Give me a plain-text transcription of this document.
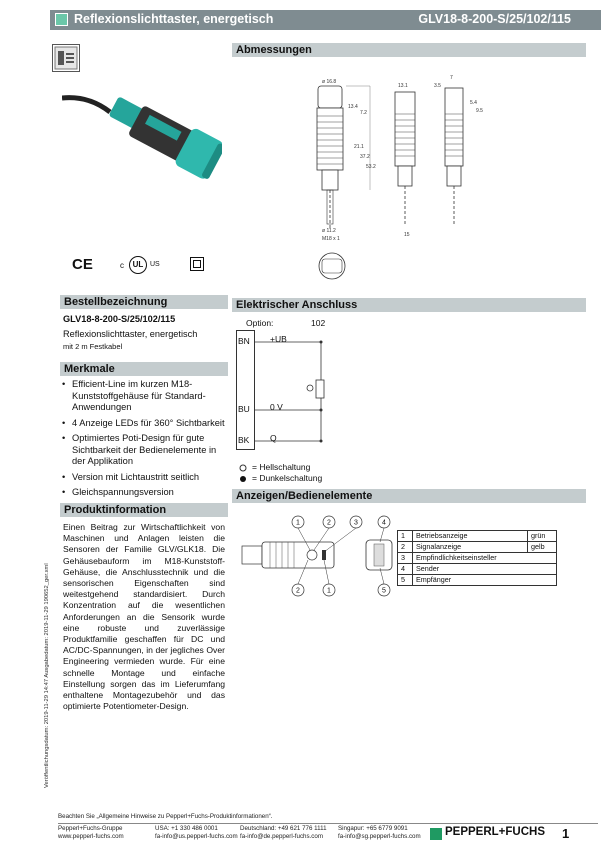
Reflexionslichttaster, energetisch	GLV18-8-200-S/25/102/115
CE	c	UL US
Bestellbezeichnung
GLV18-8-200-S/25/102/115
Reflexionslichttaster, energetisch
mit 2 m Festkabel
Merkmale
• Efficient-Line im kurzen M18-Kunststoffgehäuse für Standard-Anwendungen
• 4 Anzeige LEDs für 360° Sichtbarkeit
• Optimiertes Poti-Design für gute Sichtbarkeit der Bedienelemente in der Applikation
• Version mit Lichtaustritt seitlich
• Gleichspannungsversion
Produktinformation
Einen Beitrag zur Wirtschaftlichkeit von Maschinen und Anlagen leisten die Sensoren der Familie GLV/GLK18. Die Gehäusebauform im M18-Kunststoff-Gehäuse, die Anschlusstechnik und die sensorischen Eigenschaften sind weitestgehend standardisiert. Durch Konzentration auf die wesentlichen Anforderungen an die Sensorik wurde eine robuste und zuverlässige Produktfamilie geschaffen für DC und AC/DC-Spannungen, in der jegliches Over Engineering vermieden wurde. Für eine schnelle Montage und einfache Einstellung sorgen das im Lieferumfang enthaltene Montagezubehör und das optimierte Potentiometer-Design.
Veröffentlichungsdatum: 2019-11-29 14:47 Ausgabedatum: 2019-11-29 190652_ger.xml
Abmessungen
ø 16.8
13.4
7.2
21.1
37.2
53.2
ø 11.2
M18 x 1
13.1
15
3.5
7
5.4
9.5
Elektrischer Anschluss
Option:	102
BN
BU
BK
+UB
0 V
Q
= Hellschaltung
= Dunkelschaltung
Anzeigen/Bedienelemente
1	2	3	4
2	1	5
1	Betriebsanzeige	grün
2	Signalanzeige	gelb
3	Empfindlichkeitseinsteller	
4	Sender	
5	Empfänger	
Beachten Sie „Allgemeine Hinweise zu Pepperl+Fuchs-Produktinformationen“.
Pepperl+Fuchs-Gruppe
www.pepperl-fuchs.com
USA: +1 330 486 0001
fa-info@us.pepperl-fuchs.com
Deutschland: +49 621 776 1111
fa-info@de.pepperl-fuchs.com
Singapur: +65 6779 9091
fa-info@sg.pepperl-fuchs.com PEPPERL+FUCHS 1
